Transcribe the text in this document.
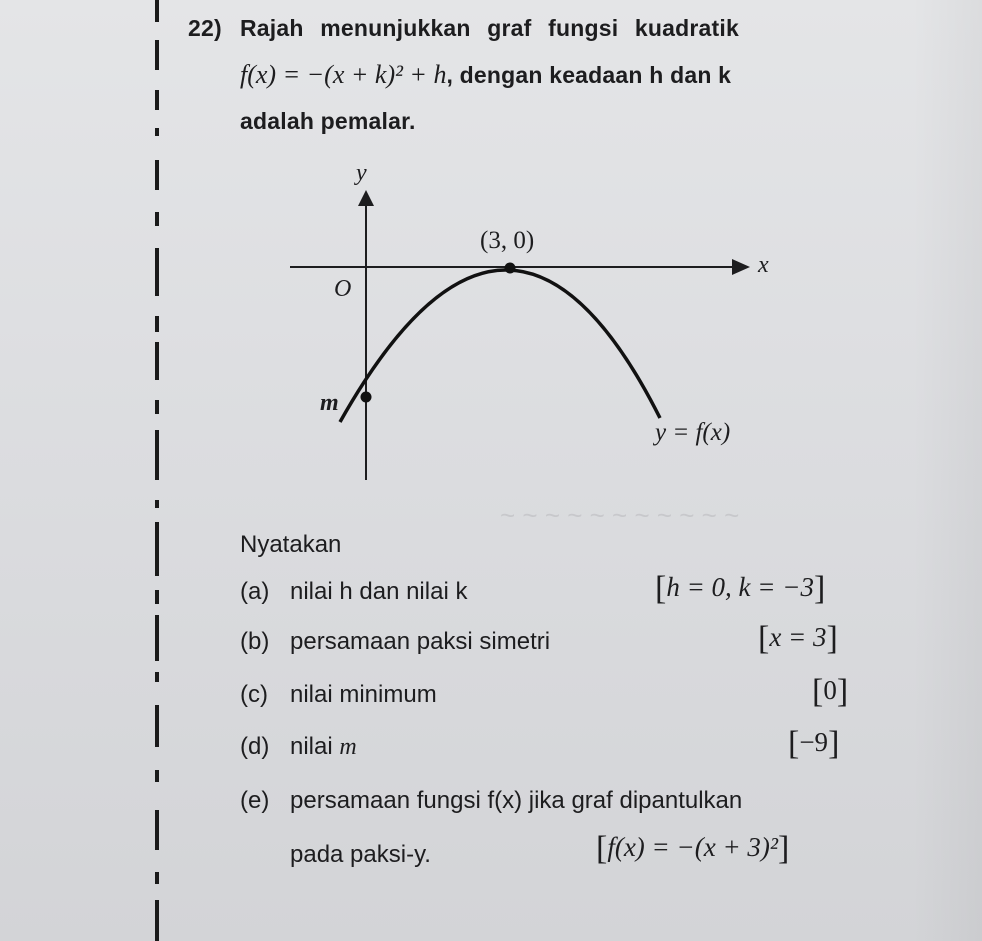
~ ~ ~ ~ ~ ~ ~ ~ ~ ~ ~
22) Rajah menunjukkan graf fungsi kuadratik
f(x) = −(x + k)² + h, dengan keadaan h dan k
adalah pemalar.
y
x
O
(3, 0)
m
y = f(x)
Nyatakan
(a) nilai h dan nilai k	[h = 0, k = −3]
(b) persamaan paksi simetri	[x = 3]
(c) nilai minimum	[0]
(d) nilai m	[−9]
(e) persamaan fungsi f(x) jika graf dipantulkan
pada paksi-y.	[f(x) = −(x + 3)²]
